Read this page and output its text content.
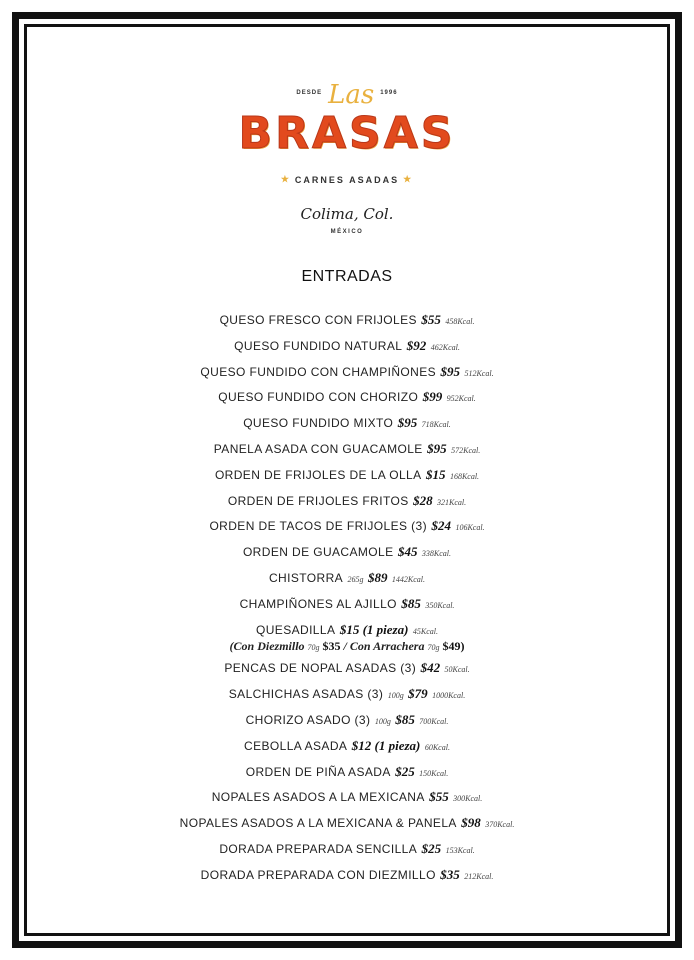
DESDE Las 1996
BRASAS
★ CARNES ASADAS ★
Colima, Col.
MÉXICO
ENTRADAS
QUESO FRESCO CON FRIJOLES $55 458Kcal.
QUESO FUNDIDO NATURAL $92 462Kcal.
QUESO FUNDIDO CON CHAMPIÑONES $95 512Kcal.
QUESO FUNDIDO CON CHORIZO $99 952Kcal.
QUESO FUNDIDO MIXTO $95 718Kcal.
PANELA ASADA CON GUACAMOLE $95 572Kcal.
ORDEN DE FRIJOLES DE LA OLLA $15 168Kcal.
ORDEN DE FRIJOLES FRITOS $28 321Kcal.
ORDEN DE TACOS DE FRIJOLES (3) $24 106Kcal.
ORDEN DE GUACAMOLE $45 338Kcal.
CHISTORRA 265g $89 1442Kcal.
CHAMPIÑONES AL AJILLO $85 350Kcal.
QUESADILLA $15 (1 pieza) 45Kcal.
(Con Diezmillo 70g $35 / Con Arrachera 70g $49)
PENCAS DE NOPAL ASADAS (3) $42 50Kcal.
SALCHICHAS ASADAS (3) 100g $79 1000Kcal.
CHORIZO ASADO (3) 100g $85 700Kcal.
CEBOLLA ASADA $12 (1 pieza) 60Kcal.
ORDEN DE PIÑA ASADA $25 150Kcal.
NOPALES ASADOS A LA MEXICANA $55 300Kcal.
NOPALES ASADOS A LA MEXICANA & PANELA $98 370Kcal.
DORADA PREPARADA SENCILLA $25 153Kcal.
DORADA PREPARADA CON DIEZMILLO $35 212Kcal.
